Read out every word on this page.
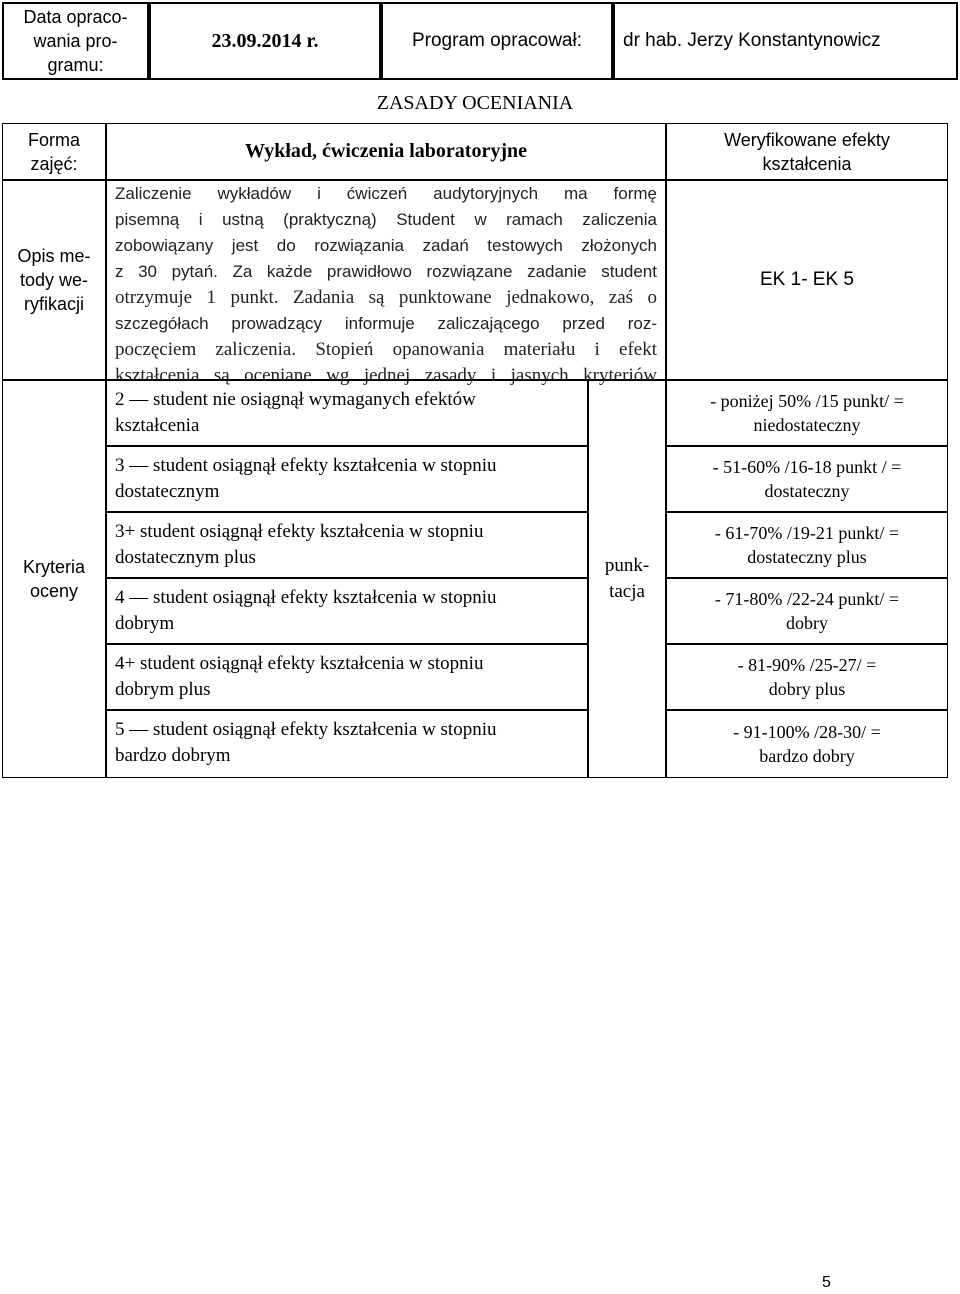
Data opraco-wania pro-gramu:
23.09.2014 r.	Program opracował: dr hab. Jerzy Konstantynowicz
ZASADY OCENIANIA
Forma zajęć:
Opis me-tody we-ryfikacji
Kryteria oceny
Wykład, ćwiczenia laboratoryjne
Zaliczenie wykładów i ćwiczeń audytoryjnych ma formę
pisemną i ustną (praktyczną) Student w ramach zaliczenia
zobowiązany jest do rozwiązania zadań testowych złożonych
z 30 pytań. Za każde prawidłowo rozwiązane zadanie student
otrzymuje 1 punkt. Zadania są punktowane jednakowo, zaś o
szczegółach prowadzący informuje zaliczającego przed roz-
poczęciem zaliczenia. Stopień opanowania materiału i efekt
kształcenia są oceniane wg jednej zasady i jasnych kryteriów
2 — student nie osiągnął wymaganych efektów
kształcenia
3 — student osiągnął efekty kształcenia w stopniu
dostatecznym
3+ student osiągnął efekty kształcenia w stopniu
dostatecznym plus
4 — student osiągnął efekty kształcenia w stopniu
dobrym
4+ student osiągnął efekty kształcenia w stopniu
dobrym plus
5 — student osiągnął efekty kształcenia w stopniu
bardzo dobrym
punk-tacja
Weryfikowane efekty kształcenia
EK 1- EK 5
- poniżej 50% /15 punkt/ =
niedostateczny
- 51-60% /16-18 punkt / =
dostateczny
- 61-70% /19-21 punkt/ =
dostateczny plus
- 71-80% /22-24 punkt/ =
dobry
- 81-90% /25-27/ =
dobry plus
- 91-100% /28-30/ =
bardzo dobry
5
